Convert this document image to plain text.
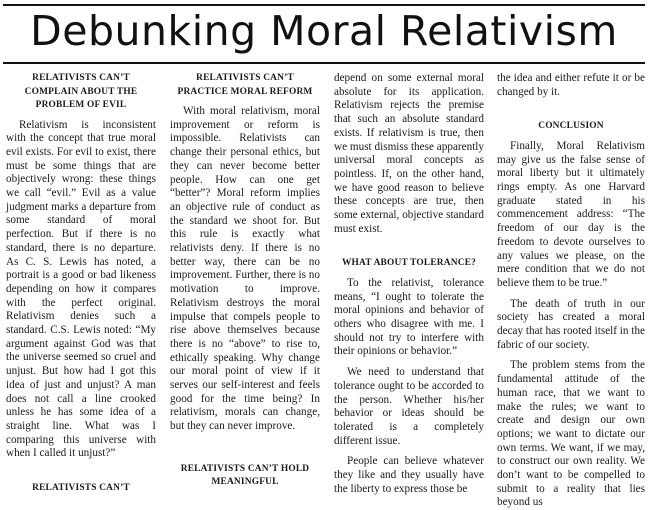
Debunking Moral Relativism
RELATIVISTS CAN’T COMPLAIN ABOUT THE PROBLEM OF EVIL

Relativism is inconsistent with the concept that true moral evil exists. For evil to exist, there must be some things that are objectively wrong: these things we call “evil.” Evil as a value judgment marks a departure from some standard of moral perfection. But if there is no standard, there is no departure. As C. S. Lewis has noted, a portrait is a good or bad likeness depending on how it compares with the perfect original. Relativism denies such a standard. C.S. Lewis noted: “My argument against God was that the universe seemed so cruel and unjust. But how had I got this idea of just and unjust? A man does not call a line crooked unless he has some idea of a straight line. What was I comparing this universe with when I called it unjust?”

RELATIVISTS CAN’T
RELATIVISTS CAN’T PRACTICE MORAL REFORM

With moral relativism, moral improvement or reform is impossible. Relativists can change their personal ethics, but they can never become better people. How can one get “better”? Moral reform implies an objective rule of conduct as the standard we shoot for. But this rule is exactly what relativists deny. If there is no better way, there can be no improvement. Further, there is no motivation to improve. Relativism destroys the moral impulse that compels people to rise above themselves because there is no “above” to rise to, ethically speaking. Why change our moral point of view if it serves our self-interest and feels good for the time being? In relativism, morals can change, but they can never improve.

RELATIVISTS CAN’T HOLD MEANINGFUL

depend on some external moral absolute for its application. Relativism rejects the premise that such an absolute standard exists. If relativism is true, then we must dismiss these apparently universal moral concepts as pointless. If, on the other hand, we have good reason to believe these concepts are true, then some external, objective standard must exist.

WHAT ABOUT TOLERANCE?

To the relativist, tolerance means, “I ought to tolerate the moral opinions and behavior of others who disagree with me. I should not try to interfere with their opinions or behavior.”

We need to understand that tolerance ought to be accorded to the person. Whether his/her behavior or ideas should be tolerated is a completely different issue.

People can believe whatever they like and they usually have the liberty to express those be

the idea and either refute it or be changed by it.

CONCLUSION

Finally, Moral Relativism may give us the false sense of moral liberty but it ultimately rings empty. As one Harvard graduate stated in his commencement address: “The freedom of our day is the freedom to devote ourselves to any values we please, on the mere condition that we do not believe them to be true.”

The death of truth in our society has created a moral decay that has rooted itself in the fabric of our society.

The problem stems from the fundamental attitude of the human race, that we want to make the rules; we want to create and design our own options; we want to dictate our own terms. We want, if we may, to construct our own reality. We don’t want to be compelled to submit to a reality that lies beyond us
